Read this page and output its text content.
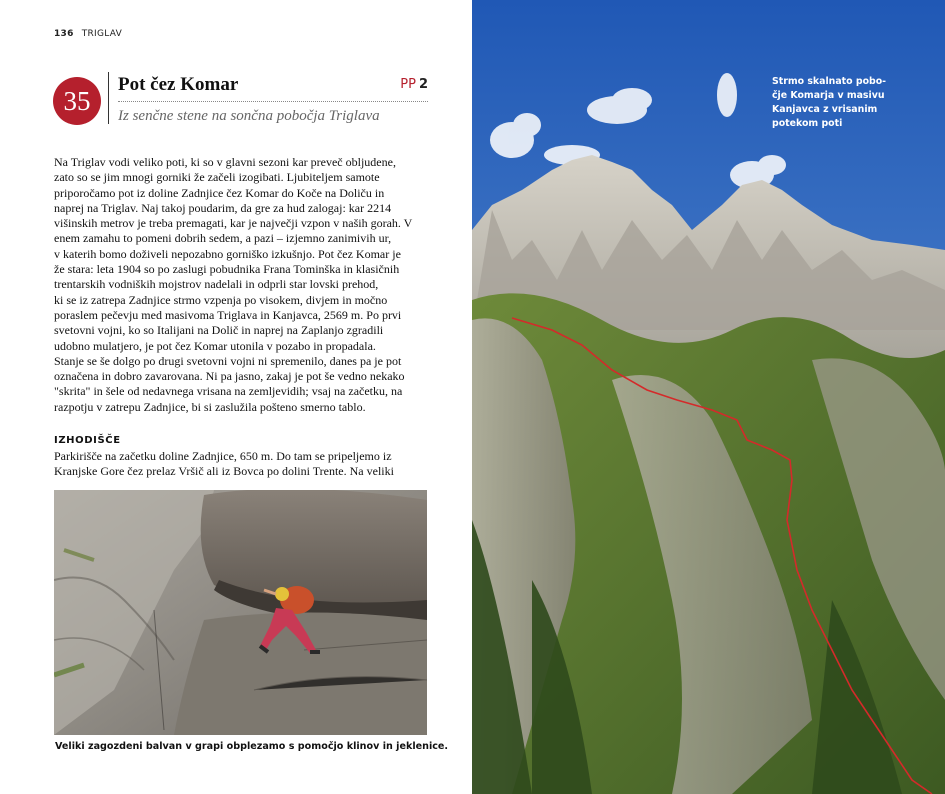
136 TRIGLAV
35
Pot čez Komar	PP 2
Iz senčne stene na sončna pobočja Triglava

Na Triglav vodi veliko poti, ki so v glavni sezoni kar preveč obljudene,

zato so se jim mnogi gorniki že začeli izogibati. Ljubiteljem samote

priporočamo pot iz doline Zadnjice čez Komar do Koče na Doliču in

naprej na Triglav. Naj takoj poudarim, da gre za hud zalogaj: kar 2214

višinskih metrov je treba premagati, kar je največji vzpon v naših gorah. V

enem zamahu to pomeni dobrih sedem, a pazi – izjemno zanimivih ur,

v katerih bomo doživeli nepozabno gorniško izkušnjo. Pot čez Komar je

že stara: leta 1904 so po zaslugi pobudnika Frana Tominška in klasičnih

trentarskih vodniških mojstrov nadelali in odprli star lovski prehod,

ki se iz zatrepa Zadnjice strmo vzpenja po visokem, divjem in močno

poraslem pečevju med masivoma Triglava in Kanjavca, 2569 m. Po prvi

svetovni vojni, ko so Italijani na Dolič in naprej na Zaplanjo zgradili

udobno mulatjero, je pot čez Komar utonila v pozabo in propadala.

Stanje se še dolgo po drugi svetovni vojni ni spremenilo, danes pa je pot

označena in dobro zavarovana. Ni pa jasno, zakaj je pot še vedno nekako

"skrita" in šele od nedavnega vrisana na zemljevidih; vsaj na začetku, na

razpotju v zatrepu Zadnjice, bi si zaslužila pošteno smerno tablo.

IZHODIŠČE

Parkirišče na začetku doline Zadnjice, 650 m. Do tam se pripeljemo iz

Kranjske Gore čez prelaz Vršič ali iz Bovca po dolini Trente. Na veliki

Veliki zagozdeni balvan v grapi obplezamo s pomočjo klinov in jeklenice.
Strmo skalnato pobo-
čje Komarja v masivu
Kanjavca z vrisanim
potekom poti
